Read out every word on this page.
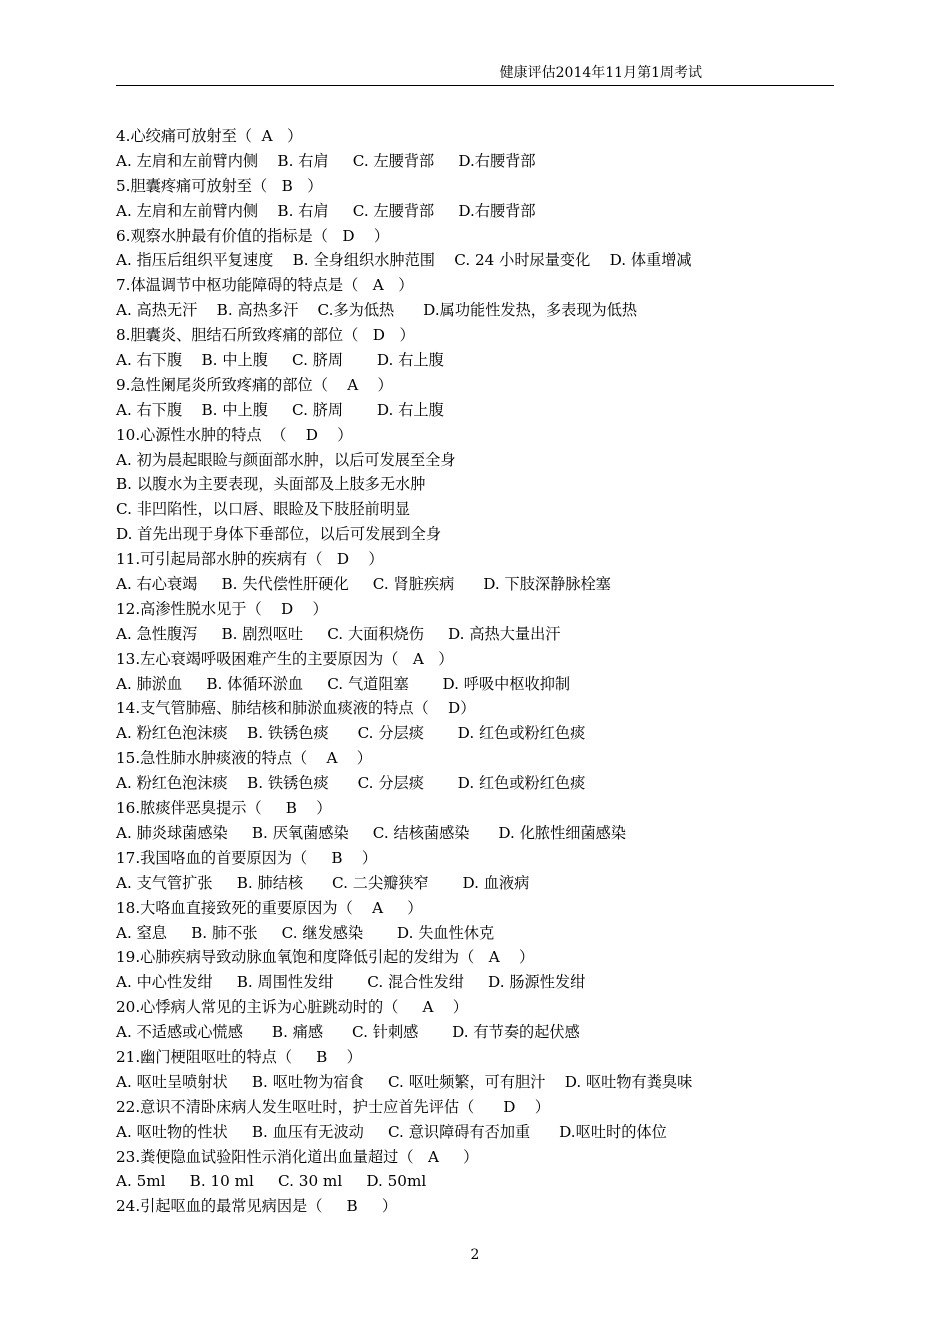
健康评估2014年11月第1周考试
4.心绞痛可放射至（  A   ）
A. 左肩和左前臂内侧    B. 右肩     C. 左腰背部     D.右腰背部
5.胆囊疼痛可放射至（   B   ）
A. 左肩和左前臂内侧    B. 右肩     C. 左腰背部     D.右腰背部
6.观察水肿最有价值的指标是（   D    ）
A. 指压后组织平复速度    B. 全身组织水肿范围    C. 24 小时尿量变化    D. 体重增减
7.体温调节中枢功能障碍的特点是（   A   ）
A. 高热无汗    B. 高热多汗    C.多为低热      D.属功能性发热，多表现为低热
8.胆囊炎、胆结石所致疼痛的部位（   D   ）
A. 右下腹    B. 中上腹     C. 脐周       D. 右上腹
9.急性阑尾炎所致疼痛的部位（    A    ）
A. 右下腹    B. 中上腹     C. 脐周       D. 右上腹
10.心源性水肿的特点  （    D    ）
A. 初为晨起眼睑与颜面部水肿，以后可发展至全身
B. 以腹水为主要表现，头面部及上肢多无水肿
C. 非凹陷性，以口唇、眼睑及下肢胫前明显
D. 首先出现于身体下垂部位，以后可发展到全身
11.可引起局部水肿的疾病有（   D    ）
A. 右心衰竭     B. 失代偿性肝硬化     C. 肾脏疾病      D. 下肢深静脉栓塞
12.高渗性脱水见于（    D    ）
A. 急性腹泻     B. 剧烈呕吐     C. 大面积烧伤     D. 高热大量出汗
13.左心衰竭呼吸困难产生的主要原因为（   A   ）
A. 肺淤血     B. 体循环淤血     C. 气道阻塞       D. 呼吸中枢收抑制
14.支气管肺癌、肺结核和肺淤血痰液的特点（    D）
A. 粉红色泡沫痰    B. 铁锈色痰      C. 分层痰       D. 红色或粉红色痰
15.急性肺水肿痰液的特点（    A    ）
A. 粉红色泡沫痰    B. 铁锈色痰      C. 分层痰       D. 红色或粉红色痰
16.脓痰伴恶臭提示（     B    ）
A. 肺炎球菌感染     B. 厌氧菌感染     C. 结核菌感染      D. 化脓性细菌感染
17.我国咯血的首要原因为（     B    ）
A. 支气管扩张     B. 肺结核      C. 二尖瓣狭窄       D. 血液病
18.大咯血直接致死的重要原因为（    A     ）
A. 窒息     B. 肺不张     C. 继发感染       D. 失血性休克
19.心肺疾病导致动脉血氧饱和度降低引起的发绀为（   A    ）
A. 中心性发绀     B. 周围性发绀       C. 混合性发绀     D. 肠源性发绀
20.心悸病人常见的主诉为心脏跳动时的（     A    ）
A. 不适感或心慌感      B. 痛感      C. 针刺感       D. 有节奏的起伏感
21.幽门梗阻呕吐的特点（     B    ）
A. 呕吐呈喷射状     B. 呕吐物为宿食     C. 呕吐频繁，可有胆汁    D. 呕吐物有粪臭味
22.意识不清卧床病人发生呕吐时，护士应首先评估（      D    ）
A. 呕吐物的性状     B. 血压有无波动     C. 意识障碍有否加重      D.呕吐时的体位
23.粪便隐血试验阳性示消化道出血量超过（   A     ）
A. 5ml     B. 10 ml     C. 30 ml     D. 50ml
24.引起呕血的最常见病因是（     B     ）
2
